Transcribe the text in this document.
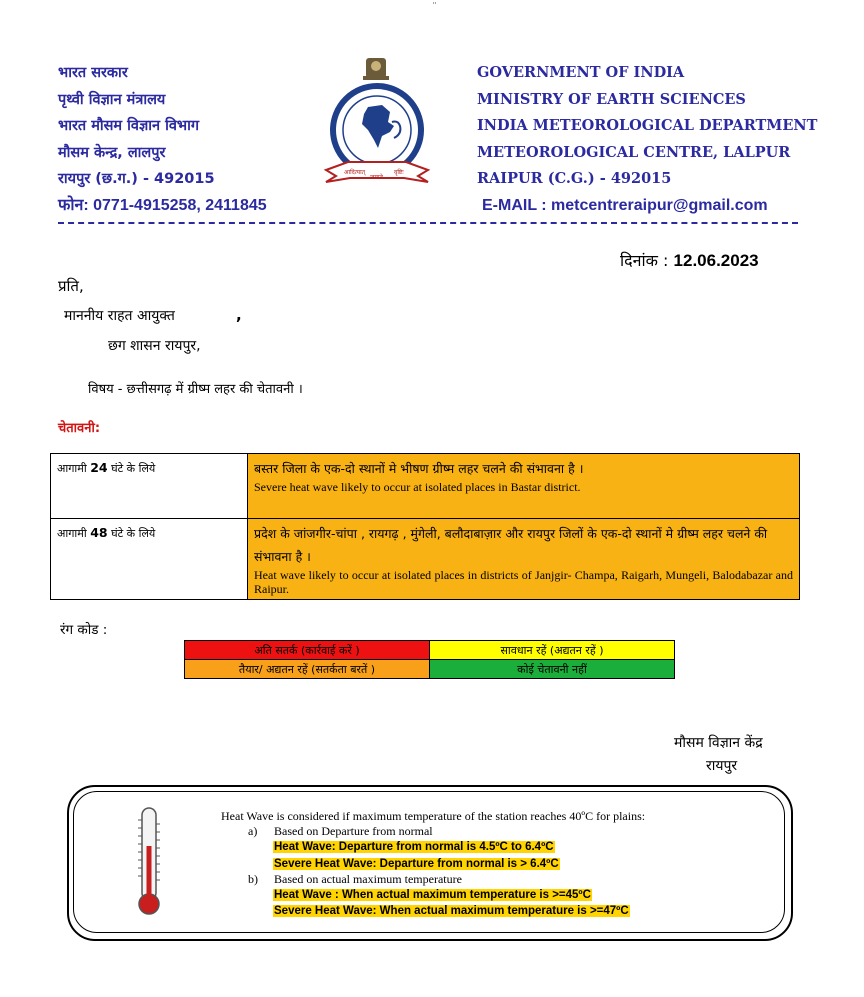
¨
भारत सरकार
पृथ्वी विज्ञान मंत्रालय
भारत मौसम विज्ञान विभाग
मौसम केन्द्र, लालपुर
रायपुर (छ.ग.) - 492015
फोन: 0771-4915258, 2411845
आदित्यात्
जायते
वृष्टिः
GOVERNMENT OF INDIA
MINISTRY OF EARTH SCIENCES
INDIA METEOROLOGICAL DEPARTMENT
METEOROLOGICAL CENTRE, LALPUR
RAIPUR (C.G.) - 492015
E-MAIL : metcentreraipur@gmail.com
दिनांक : 12.06.2023
प्रति,
माननीय राहत आयुक्त	,
छग शासन रायपुर,
विषय - छत्तीसगढ़ में ग्रीष्म लहर की चेतावनी ।
चेतावनी:
आगामी 24 घंटे के लिये	बस्तर जिला के एक-दो स्थानों मे भीषण ग्रीष्म लहर चलने की संभावना है ।
Severe heat wave likely to occur at isolated places in Bastar district.

आगामी 48 घंटे के लिये	प्रदेश के जांजगीर-चांपा , रायगढ़ , मुंगेली, बलौदाबाज़ार और रायपुर जिलों के एक-दो स्थानों मे ग्रीष्म लहर चलने की संभावना है ।
Heat wave likely to occur at isolated places in districts of Janjgir- Champa, Raigarh, Mungeli, Balodabazar and Raipur.
रंग कोड :
अति सतर्क (कार्रवाई करें )	सावधान रहें (अद्यतन रहें )
तैयार/ अद्यतन रहें (सतर्कता बरतें )	कोई चेतावनी नहीं
मौसम विज्ञान केंद्र
रायपुर
Heat Wave is considered if maximum temperature of the station reaches 40ºC for plains:
a) Based on Departure from normal
Heat Wave: Departure from normal is 4.5ºC to 6.4ºC
Severe Heat Wave: Departure from normal is > 6.4ºC
b) Based on actual maximum temperature
Heat Wave : When actual maximum temperature is >=45ºC
Severe Heat Wave: When actual maximum temperature is >=47ºC
